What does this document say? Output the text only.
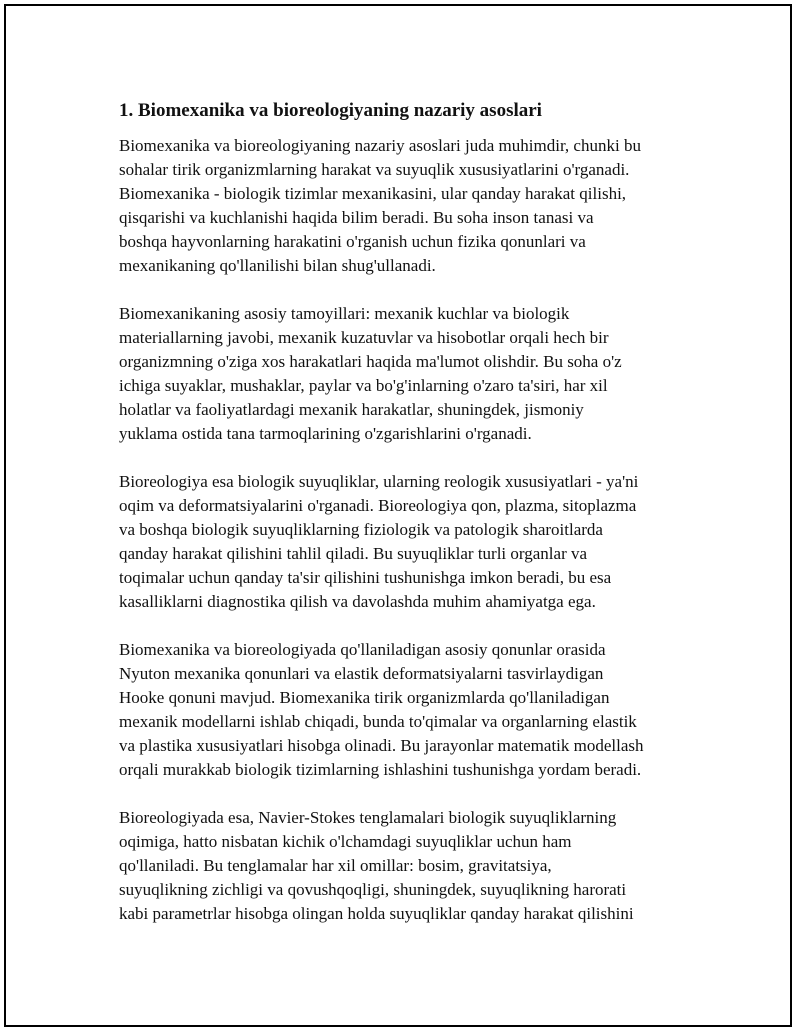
1. Biomexanika va bioreologiyaning nazariy asoslari

Biomexanika va bioreologiyaning nazariy asoslari juda muhimdir, chunki bu
sohalar tirik organizmlarning harakat va suyuqlik xususiyatlarini o'rganadi.
Biomexanika - biologik tizimlar mexanikasini, ular qanday harakat qilishi,
qisqarishi va kuchlanishi haqida bilim beradi. Bu soha inson tanasi va
boshqa hayvonlarning harakatini o'rganish uchun fizika qonunlari va
mexanikaning qo'llanilishi bilan shug'ullanadi.

Biomexanikaning asosiy tamoyillari: mexanik kuchlar va biologik
materiallarning javobi, mexanik kuzatuvlar va hisobotlar orqali hech bir
organizmning o'ziga xos harakatlari haqida ma'lumot olishdir. Bu soha o'z
ichiga suyaklar, mushaklar, paylar va bo'g'inlarning o'zaro ta'siri, har xil
holatlar va faoliyatlardagi mexanik harakatlar, shuningdek, jismoniy
yuklama ostida tana tarmoqlarining o'zgarishlarini o'rganadi.

Bioreologiya esa biologik suyuqliklar, ularning reologik xususiyatlari - ya'ni
oqim va deformatsiyalarini o'rganadi. Bioreologiya qon, plazma, sitoplazma
va boshqa biologik suyuqliklarning fiziologik va patologik sharoitlarda
qanday harakat qilishini tahlil qiladi. Bu suyuqliklar turli organlar va
toqimalar uchun qanday ta'sir qilishini tushunishga imkon beradi, bu esa
kasalliklarni diagnostika qilish va davolashda muhim ahamiyatga ega.

Biomexanika va bioreologiyada qo'llaniladigan asosiy qonunlar orasida
Nyuton mexanika qonunlari va elastik deformatsiyalarni tasvirlaydigan
Hooke qonuni mavjud. Biomexanika tirik organizmlarda qo'llaniladigan
mexanik modellarni ishlab chiqadi, bunda to'qimalar va organlarning elastik
va plastika xususiyatlari hisobga olinadi. Bu jarayonlar matematik modellash
orqali murakkab biologik tizimlarning ishlashini tushunishga yordam beradi.

Bioreologiyada esa, Navier-Stokes tenglamalari biologik suyuqliklarning
oqimiga, hatto nisbatan kichik o'lchamdagi suyuqliklar uchun ham
qo'llaniladi. Bu tenglamalar har xil omillar: bosim, gravitatsiya,
suyuqlikning zichligi va qovushqoqligi, shuningdek, suyuqlikning harorati
kabi parametrlar hisobga olingan holda suyuqliklar qanday harakat qilishini
